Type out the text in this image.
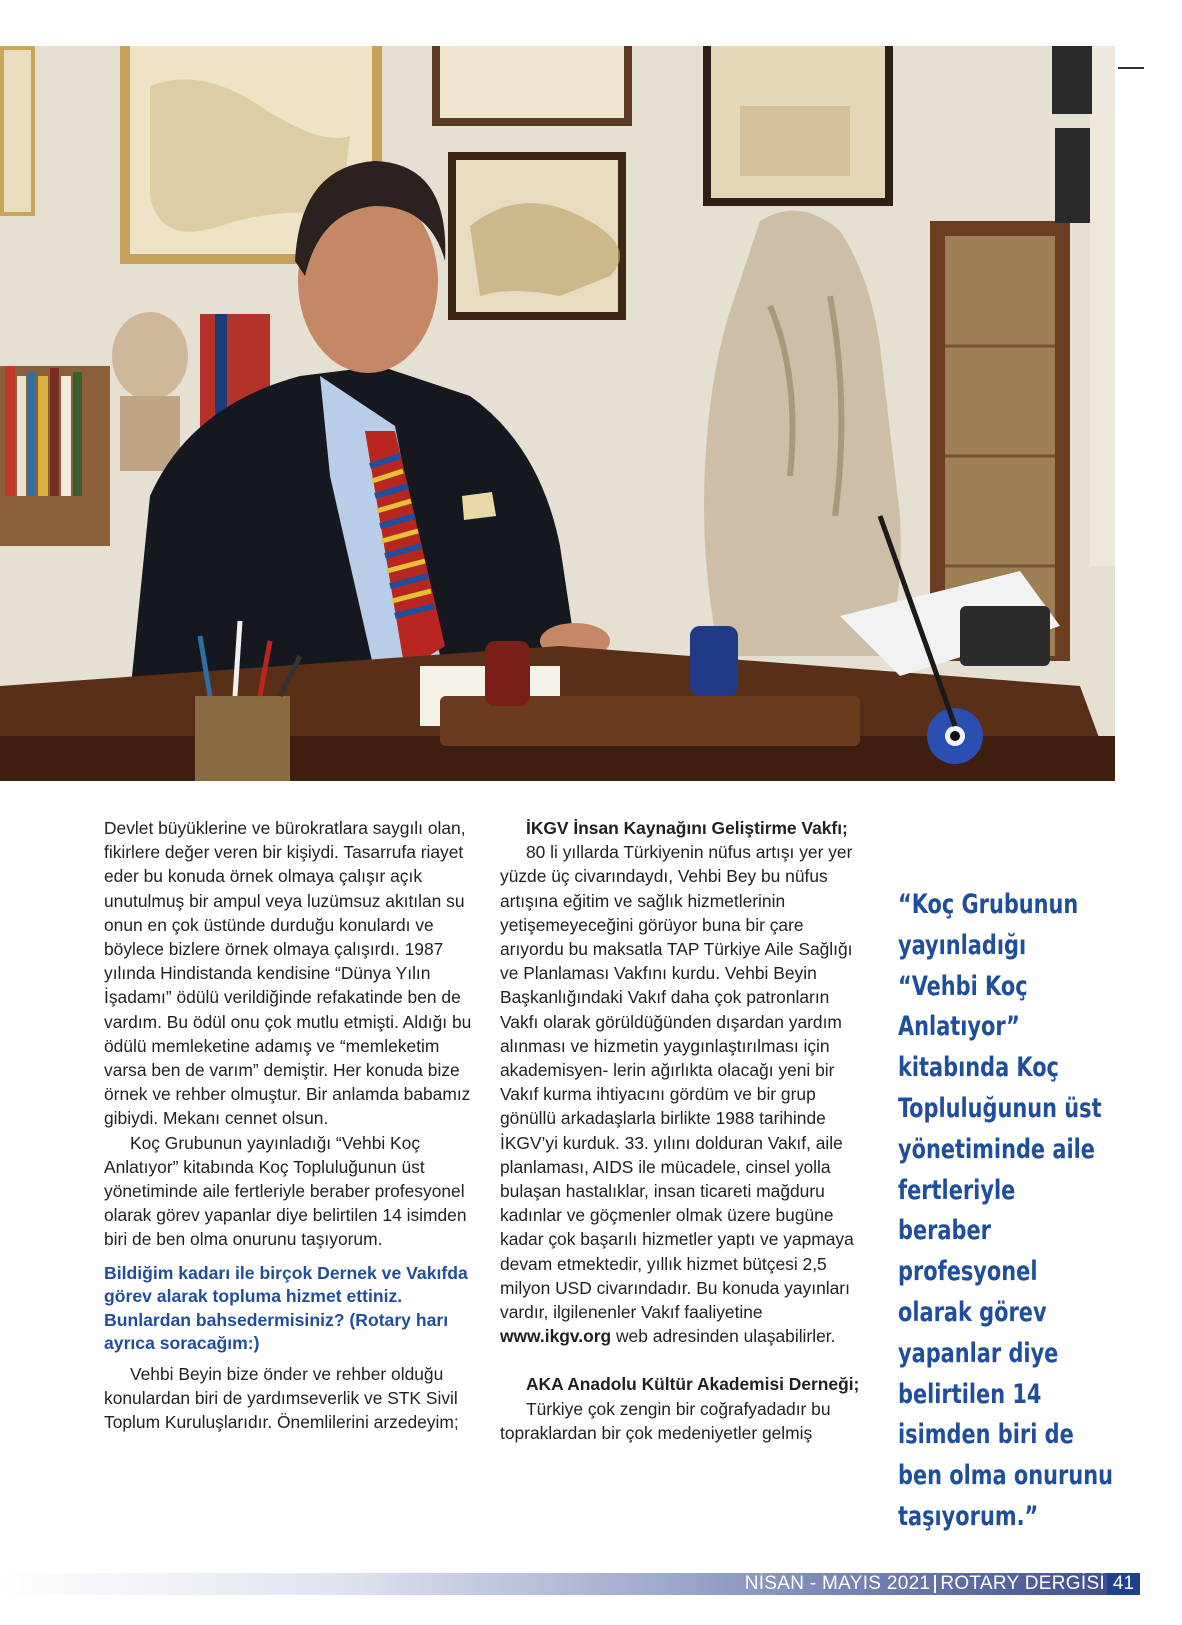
Devlet büyüklerine ve bürokratlara saygılı olan, fikirlere değer veren bir kişiydi. Tasarrufa riayet eder bu konuda örnek olmaya çalışır açık unutulmuş bir ampul veya luzümsuz akıtılan su onun en çok üstünde durduğu konulardı ve böylece bizlere örnek olmaya çalışırdı. 1987 yılında Hindistanda kendisine “Dünya Yılın İşadamı” ödülü verildiğinde refakatinde ben de vardım. Bu ödül onu çok mutlu etmişti. Aldığı bu ödülü memleketine adamış ve “memleketim varsa ben de varım” demiştir. Her konuda bize örnek ve rehber olmuştur. Bir anlamda babamız gibiydi. Mekanı cennet olsun.

Koç Grubunun yayınladığı “Vehbi Koç Anlatıyor” kitabında Koç Topluluğunun üst yönetiminde aile fertleriyle beraber profesyonel olarak görev yapanlar diye belirtilen 14 isimden biri de ben olma onurunu taşıyorum.

Bildiğim kadarı ile birçok Dernek ve Vakıfda görev alarak topluma hizmet ettiniz. Bunlardan bahsedermisiniz? (Rotary harı ayrıca soracağım:)

Vehbi Beyin bize önder ve rehber olduğu konulardan biri de yardımseverlik ve STK Sivil Toplum Kuruluşlarıdır. Önemlilerini arzedeyim;

İKGV İnsan Kaynağını Geliştirme Vakfı;

80 li yıllarda Türkiyenin nüfus artışı yer yer yüzde üç civarındaydı, Vehbi Bey bu nüfus artışına eğitim ve sağlık hizmetlerinin yetişemeyeceğini görüyor buna bir çare arıyordu bu maksatla TAP Türkiye Aile Sağlığı ve Planlaması Vakfını kurdu. Vehbi Beyin Başkanlığındaki Vakıf daha çok patronların Vakfı olarak görüldüğünden dışardan yardım alınması ve hizmetin yaygınlaştırılması için akademisyen- lerin ağırlıkta olacağı yeni bir Vakıf kurma ihtiyacını gördüm ve bir grup gönüllü arkadaşlarla birlikte 1988 tarihinde İKGV’yi kurduk. 33. yılını dolduran Vakıf, aile planlaması, AIDS ile mücadele, cinsel yolla bulaşan hastalıklar, insan ticareti mağduru kadınlar ve göçmenler olmak üzere bugüne kadar çok başarılı hizmetler yaptı ve yapmaya devam etmektedir, yıllık hizmet bütçesi 2,5 milyon USD civarındadır. Bu konuda yayınları vardır, ilgilenenler Vakıf faaliyetine www.ikgv.org web adresinden ulaşabilirler.

AKA Anadolu Kültür Akademisi Derneği;

Türkiye çok zengin bir coğrafyadadır bu topraklardan bir çok medeniyetler gelmiş

“Koç Grubunun yayınladığı “Vehbi Koç Anlatıyor” kitabında Koç Topluluğunun üst yönetiminde aile fertleriyle beraber profesyonel olarak görev yapanlar diye belirtilen 14 isimden biri de ben olma onurunu taşıyorum.”
NİSAN - MAYIS 2021 ROTARY DERGİSİ 41
